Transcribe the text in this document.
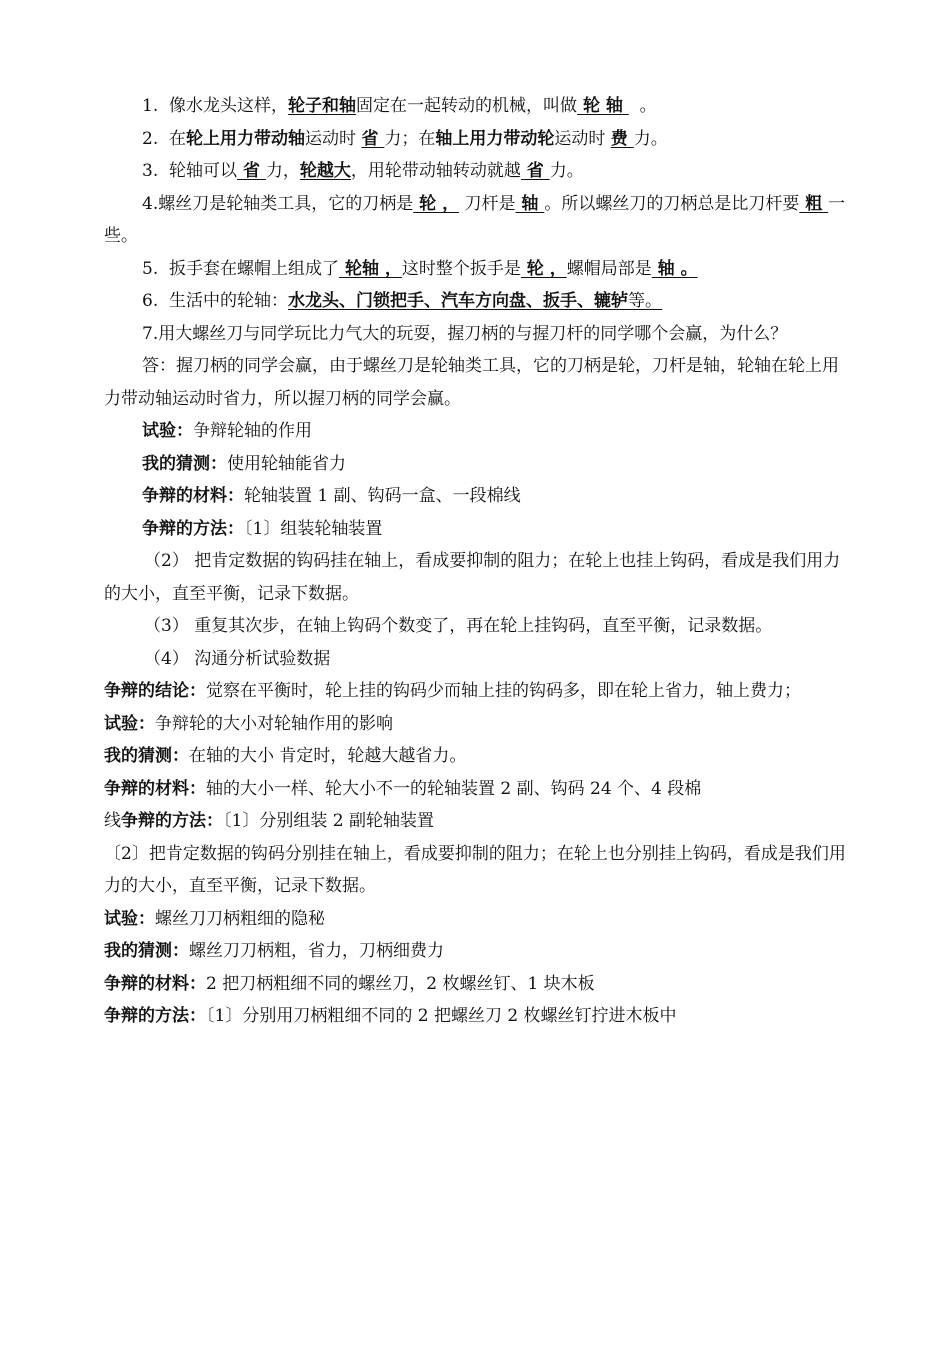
1. 像水龙头这样，轮子和轴固定在一起转动的机械，叫做 轮 轴   。

2. 在轮上用力带动轴运动时 省 力；在轴上用力带动轮运动时 费 力。

3. 轮轴可以 省 力，轮越大，用轮带动轴转动就越 省 力。

4.螺丝刀是轮轴类工具，它的刀柄是 轮 ， 刀杆是 轴 。所以螺丝刀的刀柄总是比刀杆要 粗 一些。

5. 扳手套在螺帽上组成了 轮轴 ，这时整个扳手是 轮 ，螺帽局部是 轴 。

6. 生活中的轮轴：水龙头、门锁把手、汽车方向盘、扳手、辘轳等。

7.用大螺丝刀与同学玩比力气大的玩耍，握刀柄的与握刀杆的同学哪个会赢，为什么？

答：握刀柄的同学会赢，由于螺丝刀是轮轴类工具，它的刀柄是轮，刀杆是轴，轮轴在轮上用力带动轴运动时省力，所以握刀柄的同学会赢。

试验：争辩轮轴的作用

我的猜测：使用轮轴能省力

争辩的材料：轮轴装置 1 副、钩码一盒、一段棉线

争辩的方法：〔1〕组装轮轴装置

（2） 把肯定数据的钩码挂在轴上，看成要抑制的阻力；在轮上也挂上钩码，看成是我们用力的大小，直至平衡，记录下数据。

（3） 重复其次步，在轴上钩码个数变了，再在轮上挂钩码，直至平衡，记录数据。

（4） 沟通分析试验数据

争辩的结论：觉察在平衡时，轮上挂的钩码少而轴上挂的钩码多，即在轮上省力，轴上费力；

试验：争辩轮的大小对轮轴作用的影响

我的猜测：在轴的大小 肯定时，轮越大越省力。

争辩的材料：轴的大小一样、轮大小不一的轮轴装置 2 副、钩码 24 个、4 段棉

线争辩的方法：〔1〕分别组装 2 副轮轴装置

〔2〕把肯定数据的钩码分别挂在轴上，看成要抑制的阻力；在轮上也分别挂上钩码，看成是我们用力的大小，直至平衡，记录下数据。

试验：螺丝刀刀柄粗细的隐秘

我的猜测：螺丝刀刀柄粗，省力，刀柄细费力

争辩的材料：2 把刀柄粗细不同的螺丝刀，2 枚螺丝钉、1 块木板

争辩的方法：〔1〕分别用刀柄粗细不同的 2 把螺丝刀 2 枚螺丝钉拧进木板中
